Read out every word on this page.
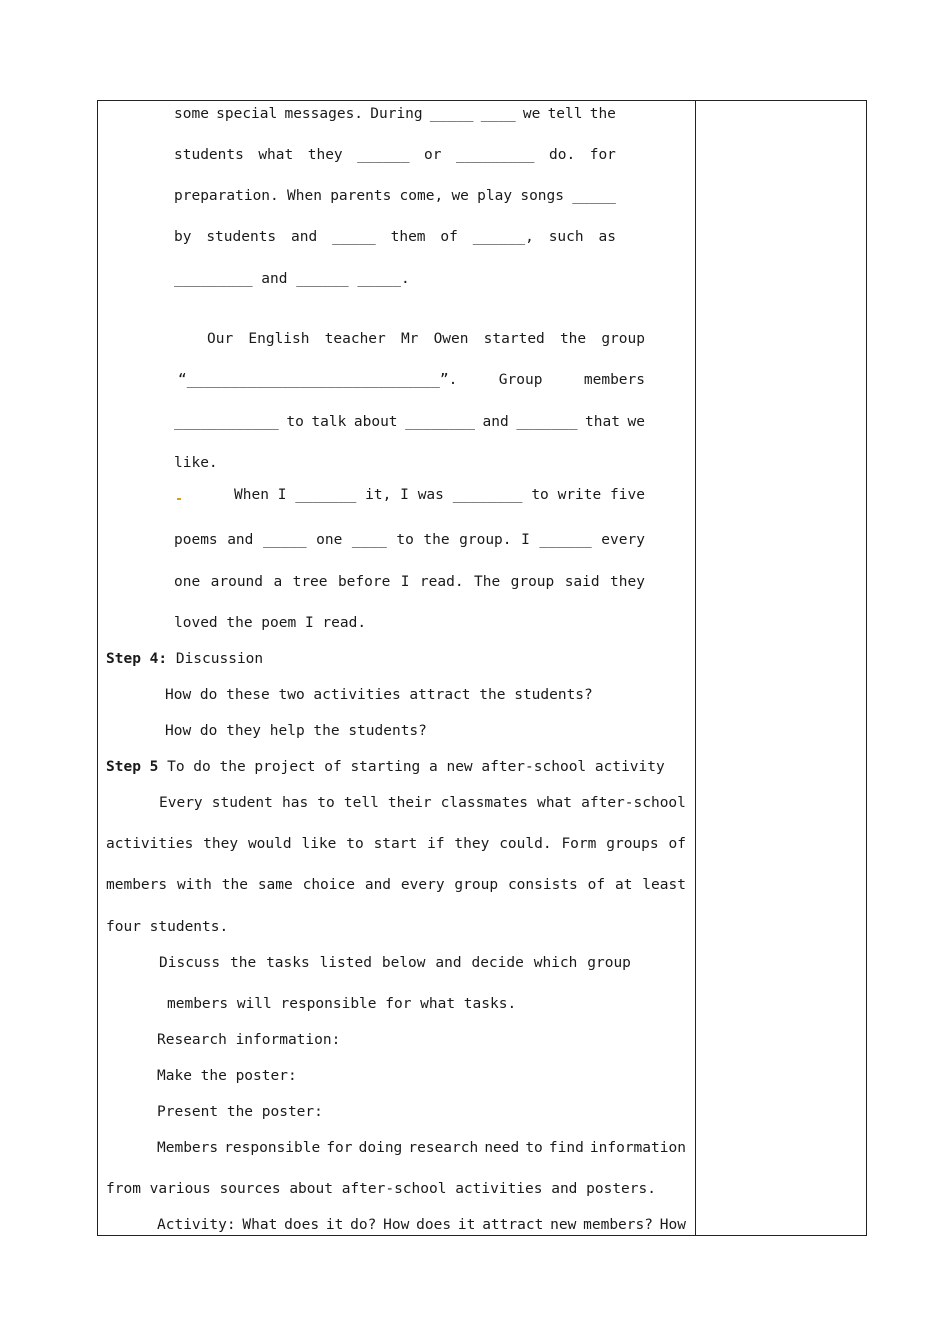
some special messages. During _____ ____ we tell the
students what they ______ or _________ do. for
preparation. When parents come, we play songs _____
by students and _____ them of ______, such as
_________ and ______ _____.
Our English teacher Mr Owen started the group
“_____________________________”.	Group	members
____________ to talk about ________ and _______ that we
like.
When I _______ it, I was ________ to write five
poems and _____ one ____ to the group. I ______ every
one around a tree before I read. The group said they
loved the poem I read.
Step 4: Discussion
How do these two activities attract the students?
How do they help the students?
Step 5 To do the project of starting a new after-school activity
Every student has to tell their classmates what after-school
activities they would like to start if they could. Form groups of
members with the same choice and every group consists of at least
four students.
Discuss the tasks listed below and decide which group
members will responsible for what tasks.
Research information:
Make the poster:
Present the poster:
Members responsible for doing research need to find information
from various sources about after-school activities and posters.
Activity: What does it do? How does it attract new members? How
